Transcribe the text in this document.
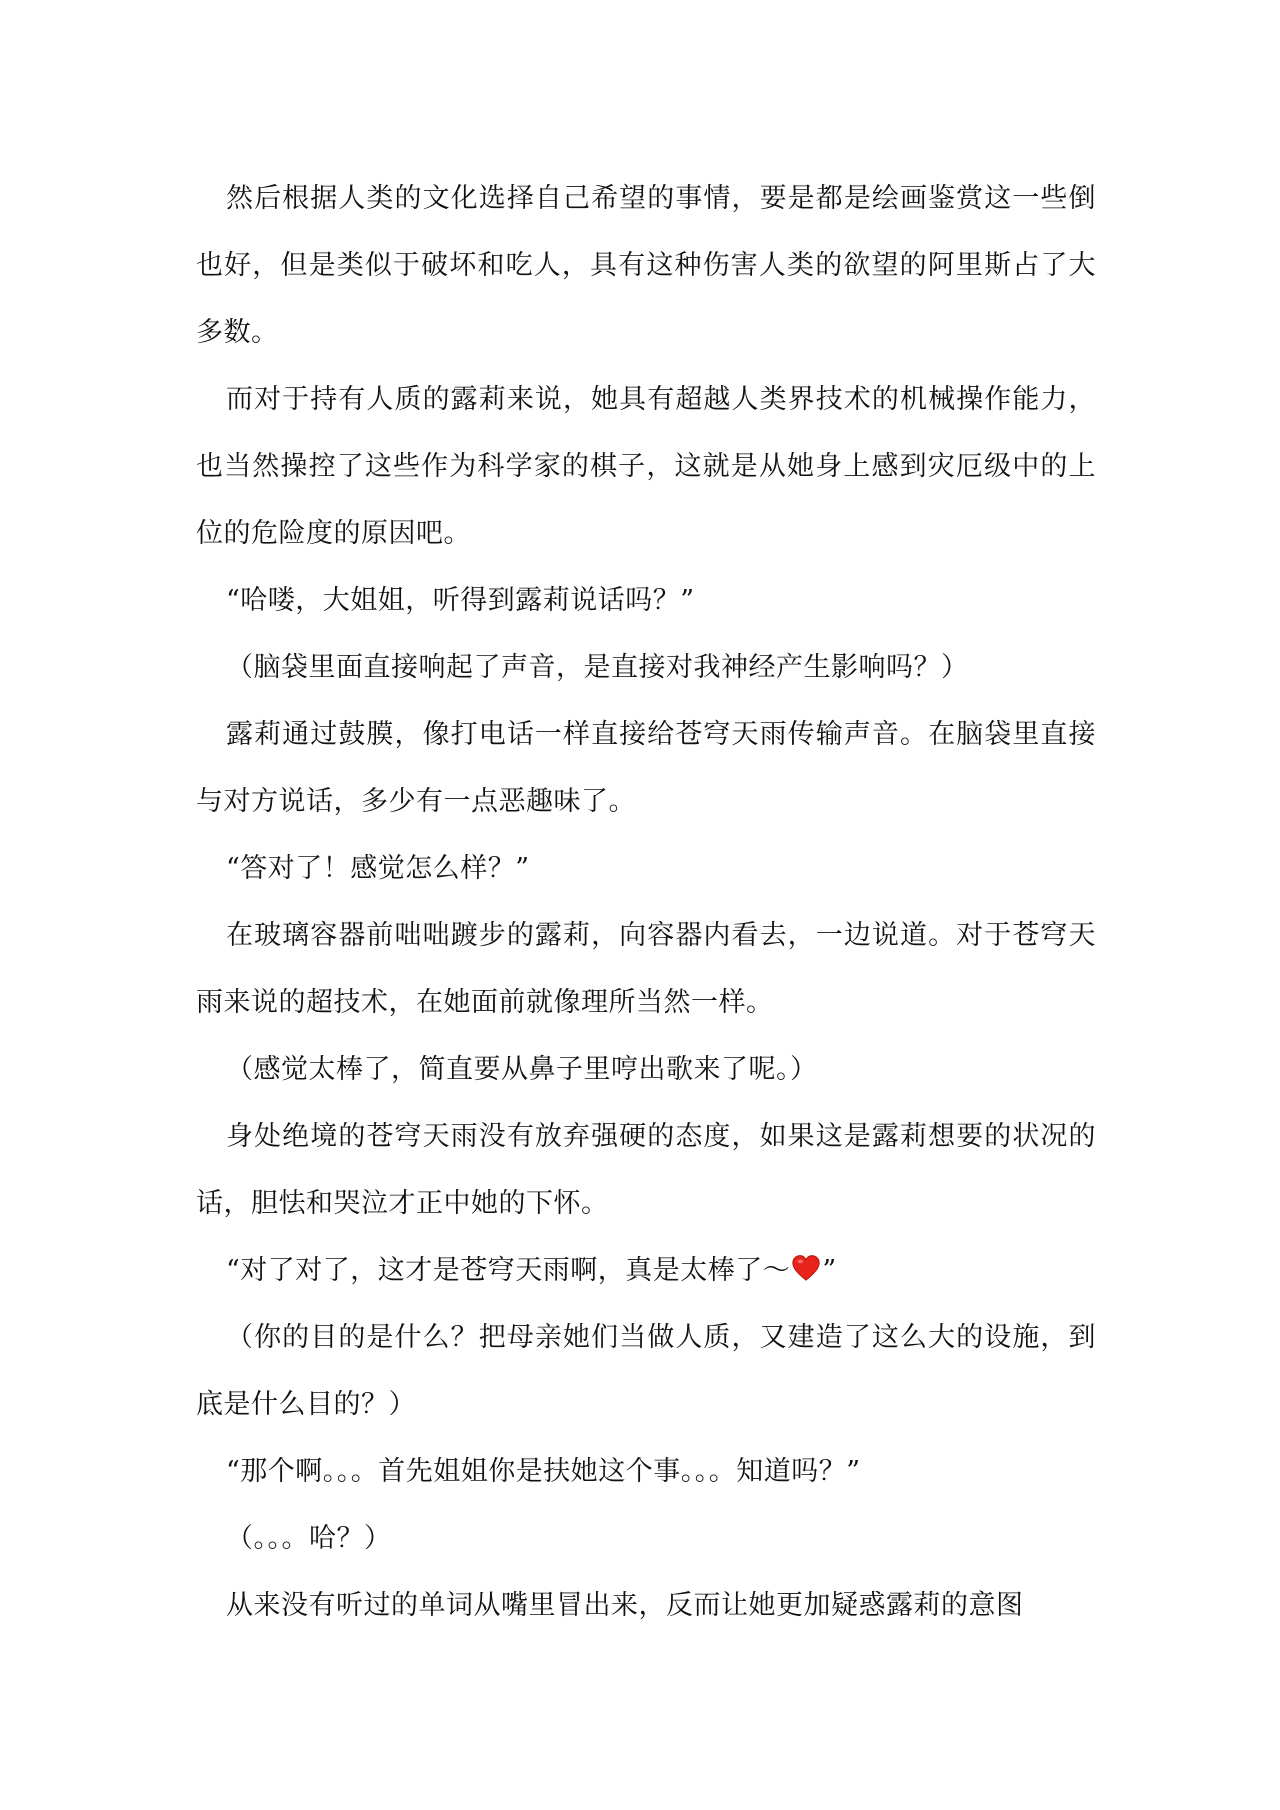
然后根据人类的文化选择自己希望的事情，要是都是绘画鉴赏这一些倒也好，但是类似于破坏和吃人，具有这种伤害人类的欲望的阿里斯占了大多数。

而对于持有人质的露莉来说，她具有超越人类界技术的机械操作能力，也当然操控了这些作为科学家的棋子，这就是从她身上感到灾厄级中的上位的危险度的原因吧。

“哈喽，大姐姐，听得到露莉说话吗？”

（脑袋里面直接响起了声音，是直接对我神经产生影响吗？）

露莉通过鼓膜，像打电话一样直接给苍穹天雨传输声音。在脑袋里直接与对方说话，多少有一点恶趣味了。

“答对了！感觉怎么样？”

在玻璃容器前咄咄踱步的露莉，向容器内看去，一边说道。对于苍穹天雨来说的超技术，在她面前就像理所当然一样。

（感觉太棒了，简直要从鼻子里哼出歌来了呢。）

身处绝境的苍穹天雨没有放弃强硬的态度，如果这是露莉想要的状况的话，胆怯和哭泣才正中她的下怀。

“对了对了，这才是苍穹天雨啊，真是太棒了～ ”

（你的目的是什么？把母亲她们当做人质，又建造了这么大的设施，到底是什么目的？）

“那个啊。。。首先姐姐你是扶她这个事。。。知道吗？”

（。。。哈？）

从来没有听过的单词从嘴里冒出来，反而让她更加疑惑露莉的意图
